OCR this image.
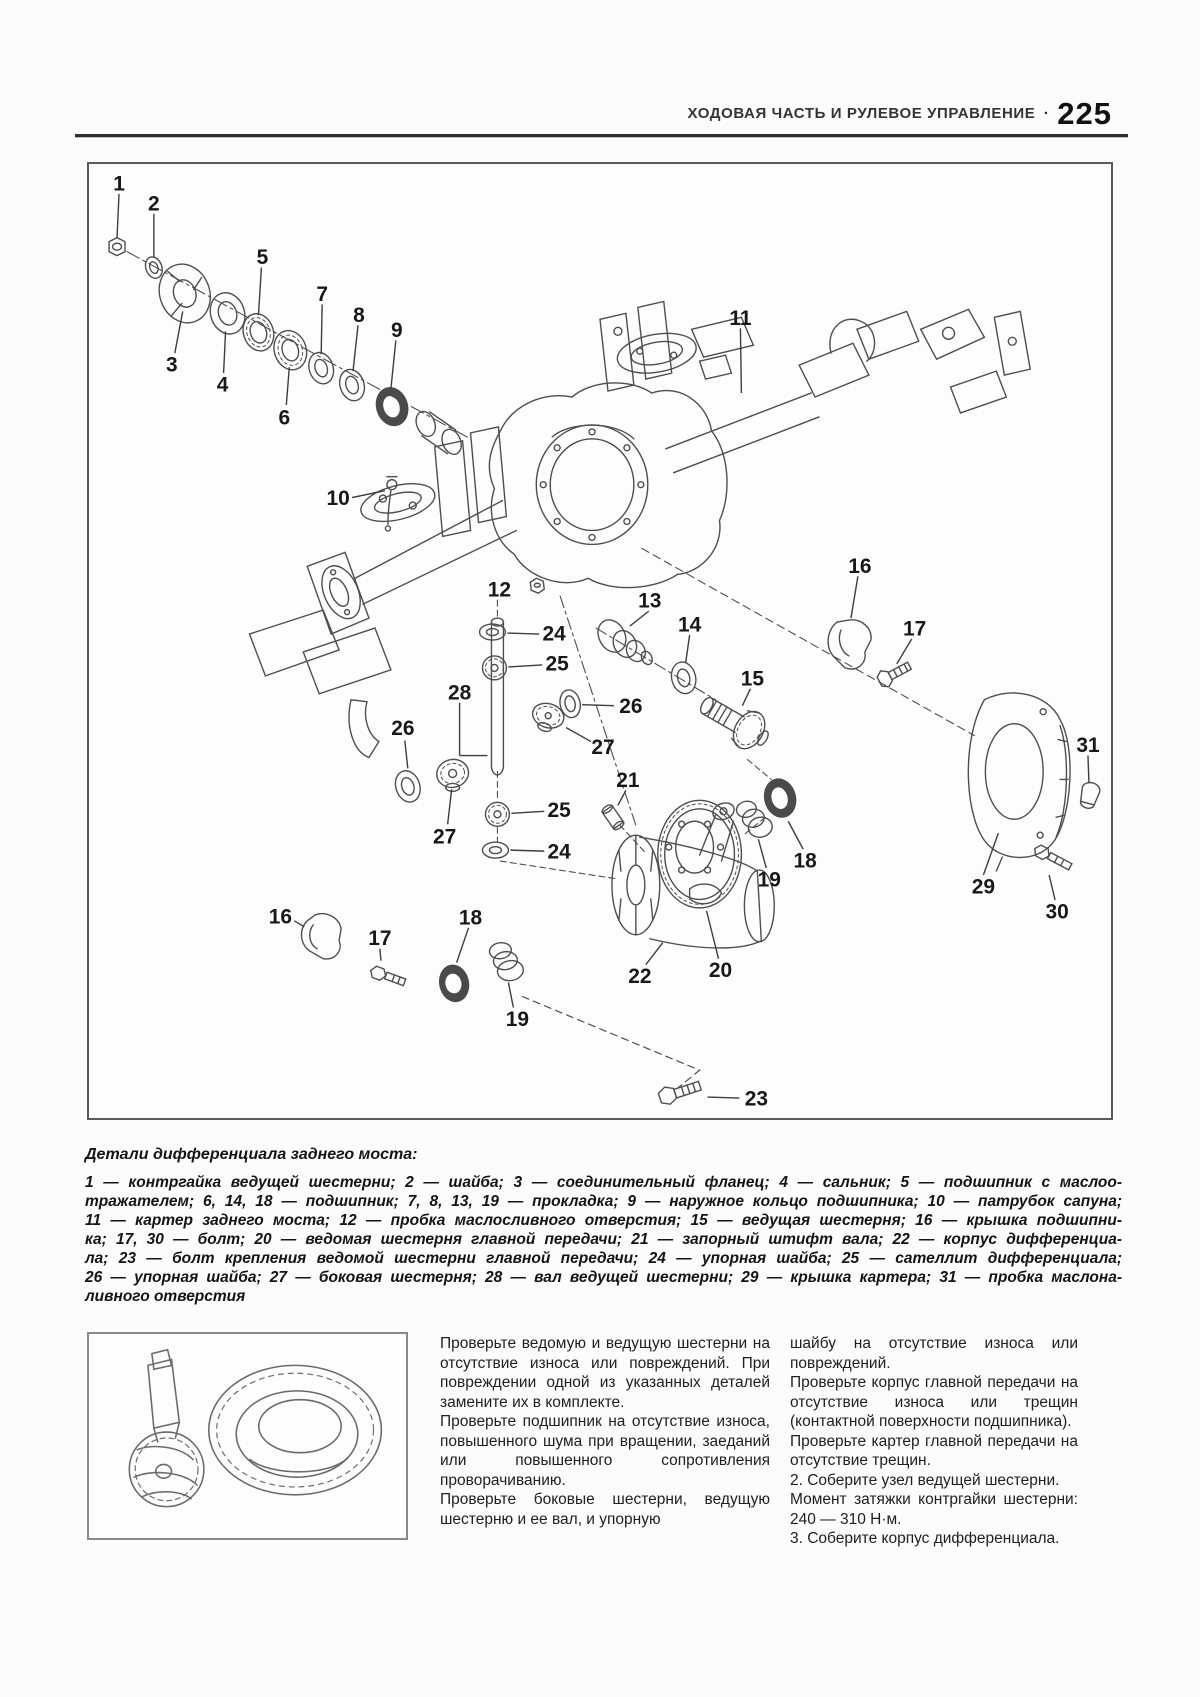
ХОДОВАЯ ЧАСТЬ И РУЛЕВОЕ УПРАВЛЕНИЕ · 225
1
2
3
4
5
6
7
8
9
10
11
12	13
14
15
16
17
18
19
20
21
22
23
24
25
26
27
28
25
24
26
27
16
17
18
19
29
30
31
Детали дифференциала заднего моста:
1 — контргайка ведущей шестерни; 2 — шайба; 3 — соединительный фланец; 4 — сальник; 5 — подшипник с маслоо-
тражателем; 6, 14, 18 — подшипник; 7, 8, 13, 19 — прокладка; 9 — наружное кольцо подшипника; 10 — патрубок сапуна;
11 — картер заднего моста; 12 — пробка маслосливного отверстия; 15 — ведущая шестерня; 16 — крышка подшипни-
ка; 17, 30 — болт; 20 — ведомая шестерня главной передачи; 21 — запорный штифт вала; 22 — корпус дифференциа-
ла; 23 — болт крепления ведомой шестерни главной передачи; 24 — упорная шайба; 25 — сателлит дифференциала;
26 — упорная шайба; 27 — боковая шестерня; 28 — вал ведущей шестерни; 29 — крышка картера; 31 — пробка маслона-
ливного отверстия

Проверьте ведомую и ведущую шестерни на отсутствие износа или повреждений. При повреждении одной из указанных деталей замените их в комплекте.

Проверьте подшипник на отсутствие износа, повышенного шума при вращении, заеданий или повышенного сопротивления проворачиванию.

Проверьте боковые шестерни, ведущую шестерню и ее вал, и упорную

шайбу на отсутствие износа или повреждений.

Проверьте корпус главной передачи на отсутствие износа или трещин (контактной поверхности подшипника).

Проверьте картер главной передачи на отсутствие трещин.

2. Соберите узел ведущей шестерни.

Момент затяжки контргайки шестерни: 240 — 310 Н·м.

3. Соберите корпус дифференциала.
